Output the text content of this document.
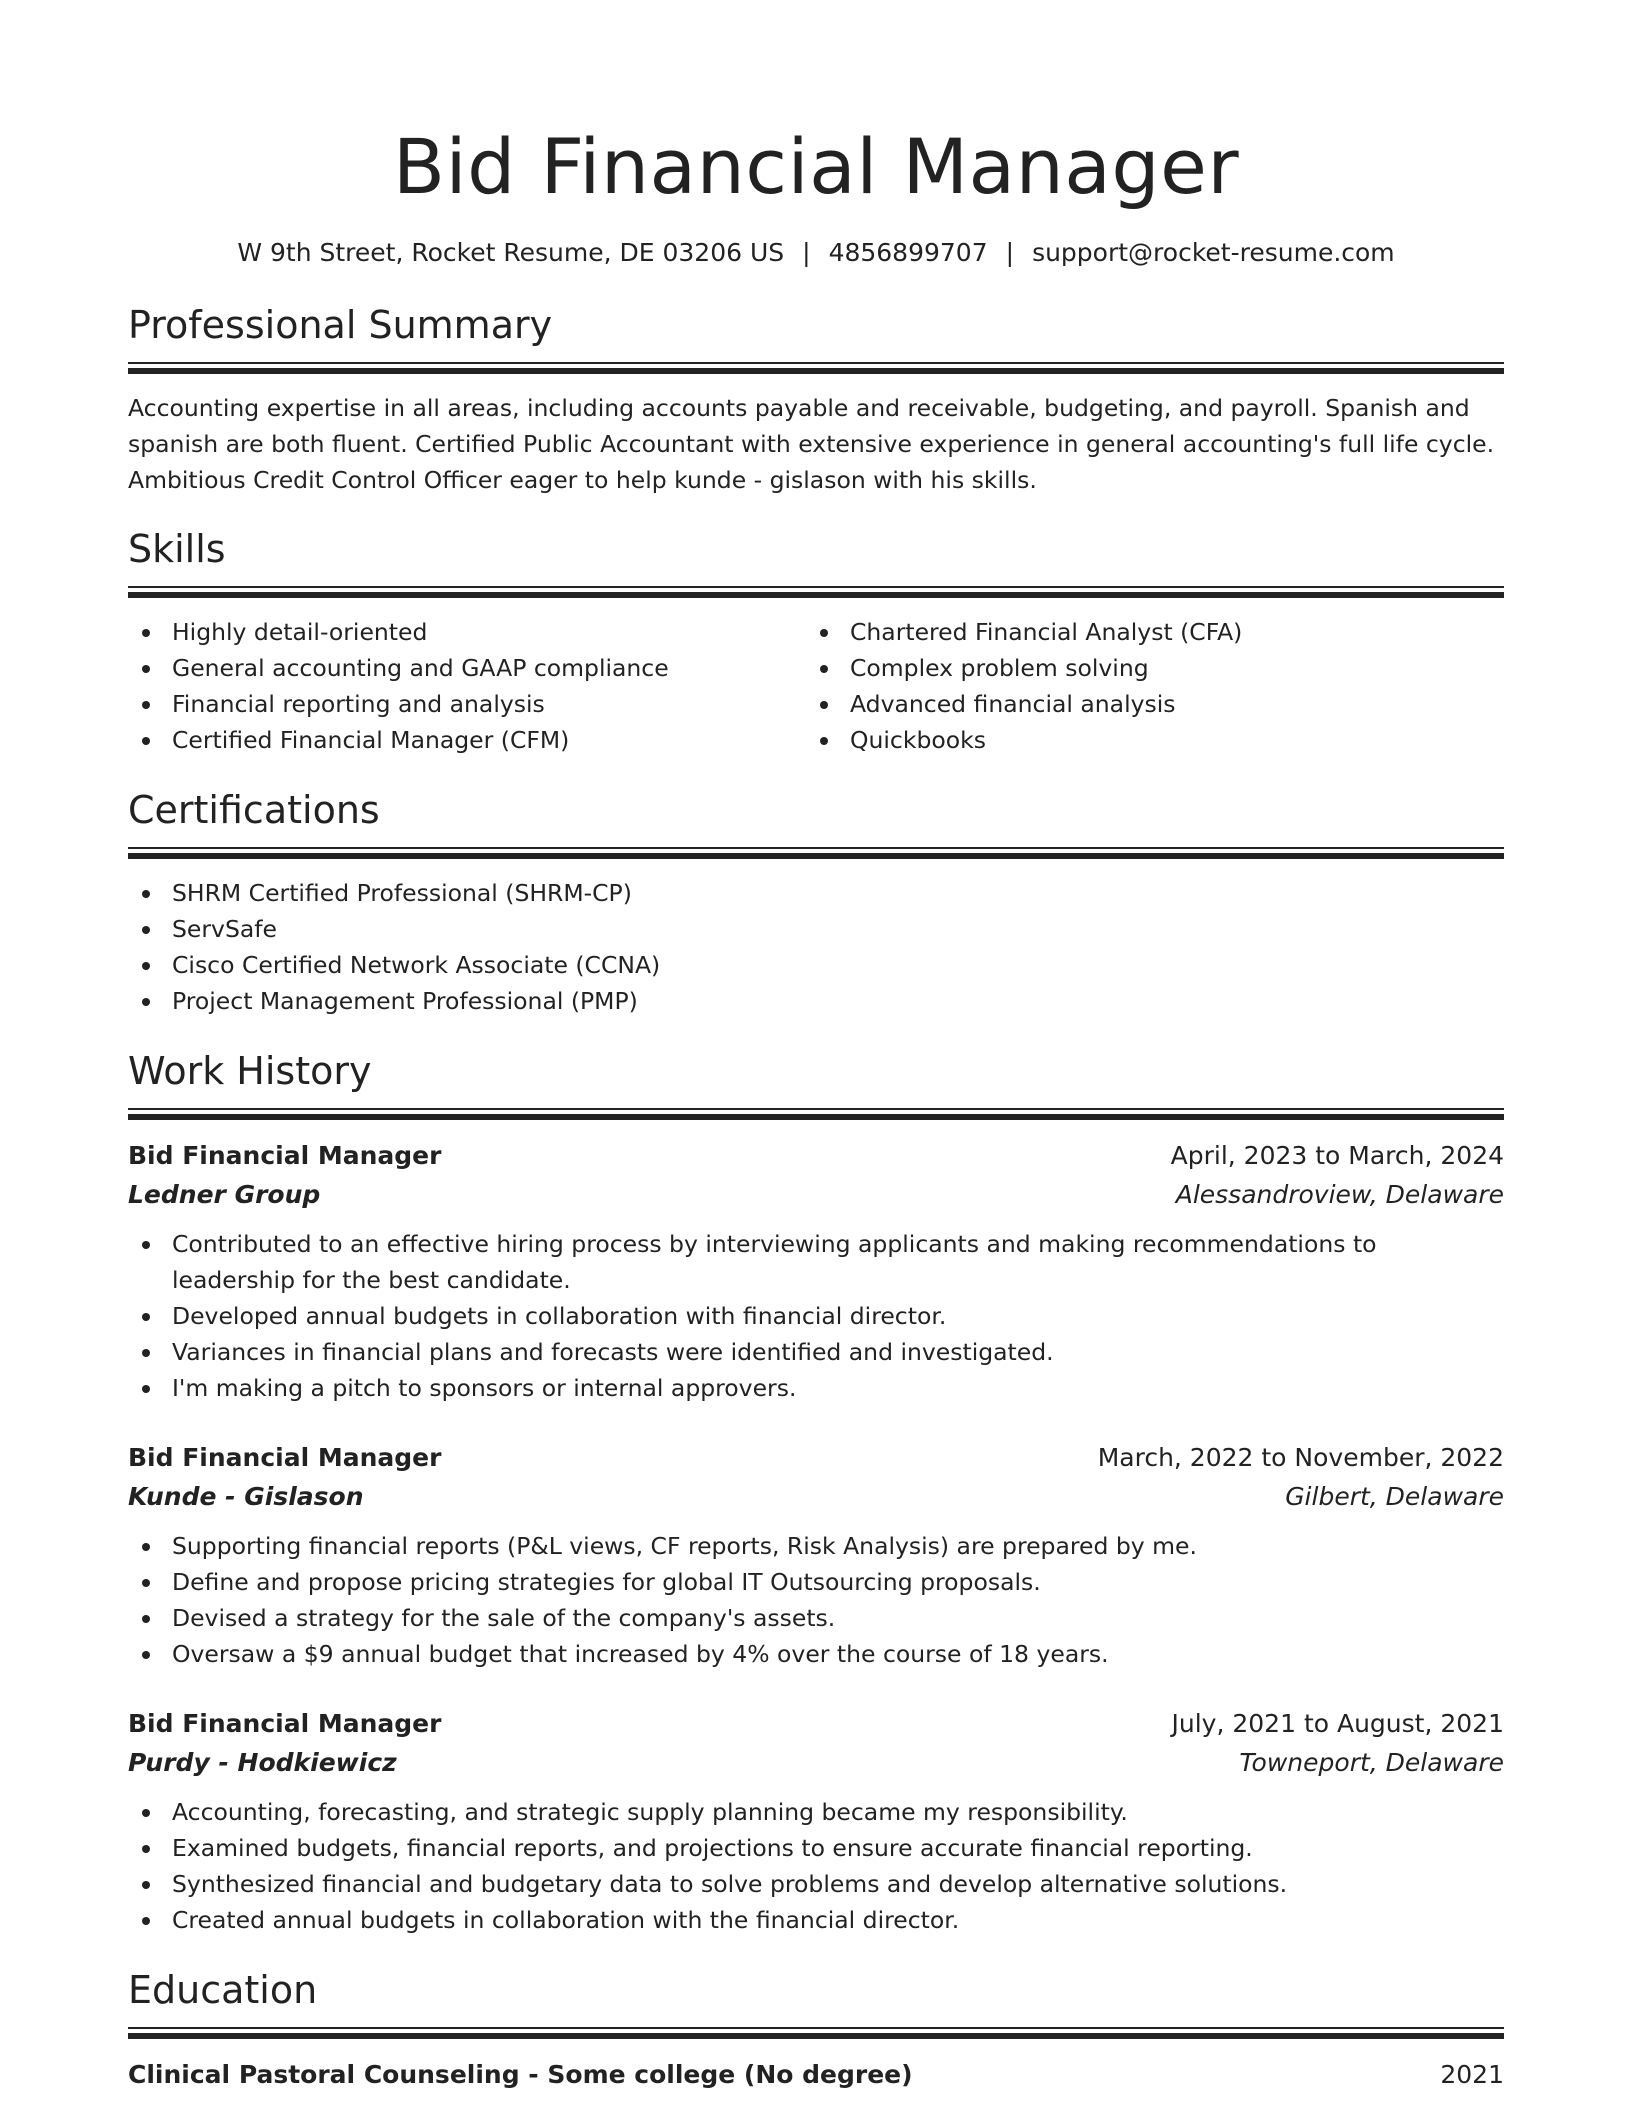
Bid Financial Manager
W 9th Street, Rocket Resume, DE 03206 US | 4856899707 | support@rocket-resume.com
Professional Summary
Accounting expertise in all areas, including accounts payable and receivable, budgeting, and payroll. Spanish and spanish are both fluent. Certified Public Accountant with extensive experience in general accounting's full life cycle. Ambitious Credit Control Officer eager to help kunde - gislason with his skills.
Skills
Highly detail-oriented
General accounting and GAAP compliance
Financial reporting and analysis
Certified Financial Manager (CFM)
Chartered Financial Analyst (CFA)
Complex problem solving
Advanced financial analysis
Quickbooks
Certifications
SHRM Certified Professional (SHRM-CP)
ServSafe
Cisco Certified Network Associate (CCNA)
Project Management Professional (PMP)
Work History
Bid Financial Manager	April, 2023 to March, 2024
Ledner Group	Alessandroview, Delaware
Contributed to an effective hiring process by interviewing applicants and making recommendations to leadership for the best candidate.
Developed annual budgets in collaboration with financial director.
Variances in financial plans and forecasts were identified and investigated.
I'm making a pitch to sponsors or internal approvers.
Bid Financial Manager	March, 2022 to November, 2022
Kunde - Gislason	Gilbert, Delaware
Supporting financial reports (P&L views, CF reports, Risk Analysis) are prepared by me.
Define and propose pricing strategies for global IT Outsourcing proposals.
Devised a strategy for the sale of the company's assets.
Oversaw a $9 annual budget that increased by 4% over the course of 18 years.
Bid Financial Manager	July, 2021 to August, 2021
Purdy - Hodkiewicz	Towneport, Delaware
Accounting, forecasting, and strategic supply planning became my responsibility.
Examined budgets, financial reports, and projections to ensure accurate financial reporting.
Synthesized financial and budgetary data to solve problems and develop alternative solutions.
Created annual budgets in collaboration with the financial director.
Education
Clinical Pastoral Counseling - Some college (No degree)	2021
